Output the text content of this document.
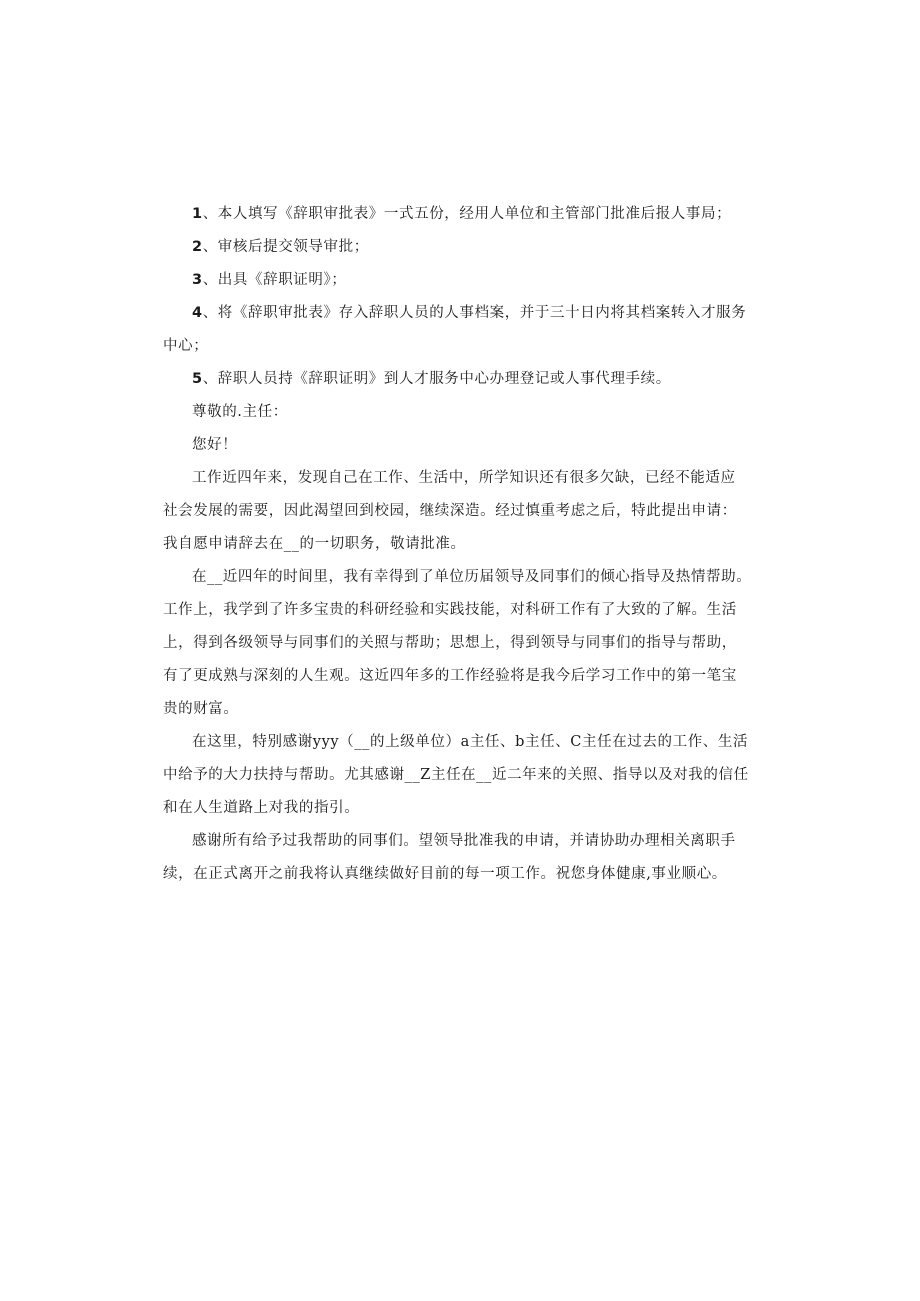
1、本人填写《辞职审批表》一式五份，经用人单位和主管部门批准后报人事局；
2、审核后提交领导审批；
3、出具《辞职证明》；
4、将《辞职审批表》存入辞职人员的人事档案，并于三十日内将其档案转入才服务
中心；
5、辞职人员持《辞职证明》到人才服务中心办理登记或人事代理手续。
尊敬的.主任：
您好！
工作近四年来，发现自己在工作、生活中，所学知识还有很多欠缺，已经不能适应
社会发展的需要，因此渴望回到校园，继续深造。经过慎重考虑之后，特此提出申请：
我自愿申请辞去在__的一切职务，敬请批准。
在__近四年的时间里，我有幸得到了单位历届领导及同事们的倾心指导及热情帮助。
工作上，我学到了许多宝贵的科研经验和实践技能，对科研工作有了大致的了解。生活
上，得到各级领导与同事们的关照与帮助；思想上，得到领导与同事们的指导与帮助，
有了更成熟与深刻的人生观。这近四年多的工作经验将是我今后学习工作中的第一笔宝
贵的财富。
在这里，特别感谢yyy（__的上级单位）a主任、b主任、C主任在过去的工作、生活
中给予的大力扶持与帮助。尤其感谢__Z主任在__近二年来的关照、指导以及对我的信任
和在人生道路上对我的指引。
感谢所有给予过我帮助的同事们。望领导批准我的申请，并请协助办理相关离职手
续，在正式离开之前我将认真继续做好目前的每一项工作。祝您身体健康,事业顺心。
